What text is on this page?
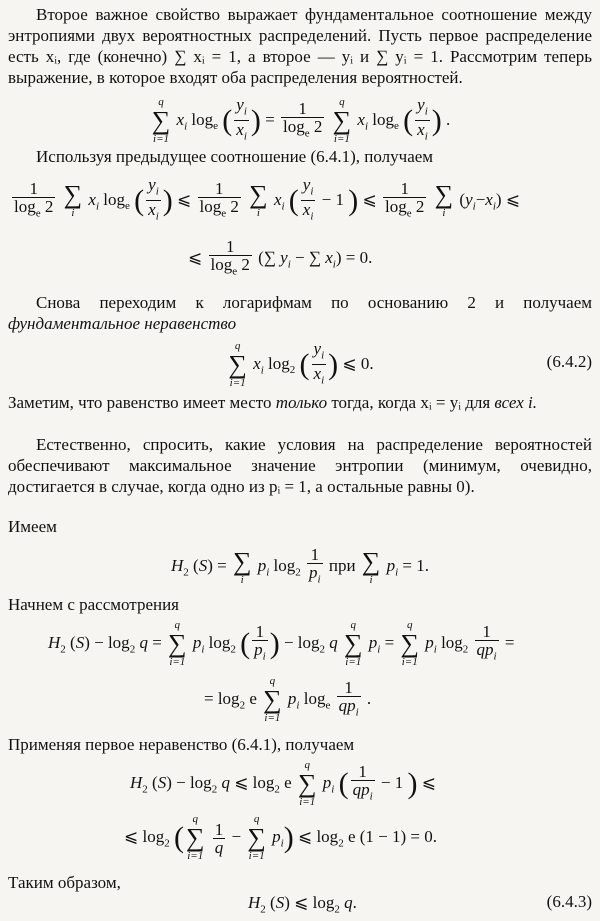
Второе важное свойство выражает фундаментальное соотношение между энтропиями двух вероятностных распределений. Пусть первое распределение есть xᵢ, где (конечно) ∑ xᵢ = 1, а второе — yᵢ и ∑ yᵢ = 1. Рассмотрим теперь выражение, в которое входят оба распределения вероятностей.
q
∑
i=1
$x_i$ $\log_e$ ( $\frac{y_i}{x_i}$ ) = $\frac{1}{\log_e 2}$
	q
∑
i=1
$x_i$ $\log_e$ ( $\frac{y_i}{x_i}$ ) .
Используя предыдущее соотношение (6.4.1), получаем
$\frac{1}{\log_e 2}$
∑
i
$x_i$ $\log_e$ ( $\frac{y_i}{x_i}$ ) ⩽ $\frac{1}{\log_e 2}$
∑
i
$x_i$ ( $\frac{y_i}{x_i} - 1$ ) ⩽ $\frac{1}{\log_e 2}$
∑
i
$(y_i-x_i)$ ⩽
⩽ $\frac{1}{\log_e 2}$ (∑ $y_i$ − ∑ $x_i) = 0$.
Снова переходим к логарифмам по основанию 2 и получаем фундаментальное неравенство
q
∑
i=1
$x_i$ $\log_2$ ( $\frac{y_i}{x_i}$ ) ⩽ 0.	(6.4.2)
Заметим, что равенство имеет место только тогда, когда xᵢ = yᵢ для всех i.
Естественно, спросить, какие условия на распределение вероятностей обеспечивают максимальное значение энтропии (минимум, очевидно, достигается в случае, когда одно из pᵢ = 1, а остальные равны 0).
Имеем
$H_2$ (S) = ∑
i
$p_i$ $\log_2 \frac{1}{p_i}$ при ∑
i
$p_i = 1$.
Начнем с рассмотрения
$H_2$ $(S) - \log_2 q$ =
q
∑
i=1
$p_i$ $\log_2$ ( $\frac{1}{p_i}$ ) − $\log_2 q$
q
∑
i=1
$p_i$ =
q
∑
i=1
$p_i$ $\log_2 \frac{1}{qp_i}$ =
= $\log_2 e$
q
∑
i=1
$p_i$ $\log_e \frac{1}{qp_i}$ .
Применяя первое неравенство (6.4.1), получаем
$H_2$ $(S) - \log_2 q$ ⩽ $\log_2 e$
q
∑
i=1
$p_i$ ( $\frac{1}{qp_i} - 1$ ) ⩽
⩽ $\log_2$ (
q
∑
i=1

$\frac{1}{q}$ −
q
∑
i=1
$p_i$) ⩽ $\log_2 e$ (1 − 1) = 0.
Таким образом,
$H_2$ (S) ⩽ $\log_2 q$.	(6.4.3)
